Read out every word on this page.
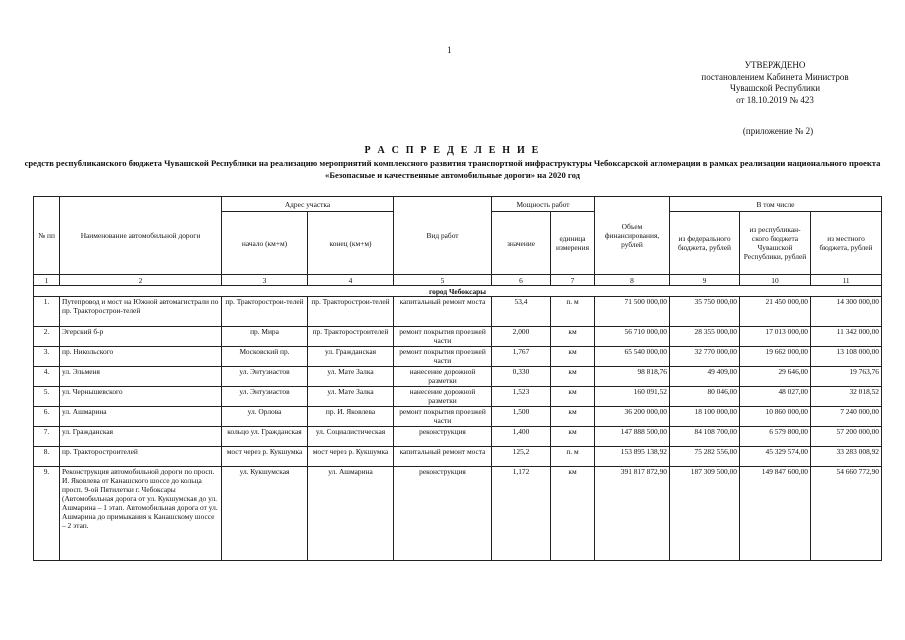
1
УТВЕРЖДЕНО
постановлением Кабинета Министров
Чувашской Республики
от 18.10.2019 № 423
(приложение № 2)
Р А С П Р Е Д Е Л Е Н И Е
средств республиканского бюджета Чувашской Республики на реализацию мероприятий комплексного развития транспортной инфраструктуры Чебоксарской агломерации в рамках реализации национального проекта «Безопасные и качественные автомобильные дороги» на 2020 год
№ пп	Наименование автомобильной дороги	Адрес участка		Вид работ	Мощность работ		Объем финансирования, рублей	В том числе		
		начало (км+м)	конец (км+м)		значение	единица измерения		из федерального бюджета, рублей	из республикан-ского бюджета Чувашской Республики, рублей	из местного бюджета, рублей
1	2	3	4	5	6	7	8	9	10	11
город Чебоксары										
1.	Путепровод и мост на Южной автомагистрали по пр. Тракторострои-телей	пр. Тракторострои-телей	пр. Тракторострои-телей	капитальный ремонт моста	53,4	п. м	71 500 000,00	35 750 000,00	21 450 000,00	14 300 000,00
2.	Эгерский б-р	пр. Мира	пр. Тракторостроителей	ремонт покрытия проезжей части	2,000	км	56 710 000,00	28 355 000,00	17 013 000,00	11 342 000,00
3.	пр. Никольского	Московский пр.	ул. Гражданская	ремонт покрытия проезжей части	1,767	км	65 540 000,00	32 770 000,00	19 662 000,00	13 108 000,00
4.	ул. Эльменя	ул. Энтузиастов	ул. Мате Залка	нанесение дорожной разметки	0,330	км	98 818,76	49 409,00	29 646,00	19 763,76
5.	ул. Чернышевского	ул. Энтузиастов	ул. Мате Залка	нанесение дорожной разметки	1,523	км	160 091,52	80 046,00	48 027,00	32 018,52
6.	ул. Ашмарина	ул. Орлова	пр. И. Яковлева	ремонт покрытия проезжей части	1,500	км	36 200 000,00	18 100 000,00	10 860 000,00	7 240 000,00
7.	ул. Гражданская	кольцо ул. Гражданская	ул. Социалистическая	реконструкция	1,400	км	147 888 500,00	84 108 700,00	6 579 800,00	57 200 000,00
8.	пр. Тракторостроителей	мост через р. Кукшумка	мост через р. Кукшумка	капитальный ремонт моста	125,2	п. м	153 895 138,92	75 282 556,00	45 329 574,00	33 283 008,92
9.	Реконструкция автомобильной дороги по просп. И. Яковлева от Канашского шоссе до кольца просп. 9-ой Пятилетки г. Чебоксары (Автомобильная дорога от ул. Кукшумская до ул. Ашмарина – 1 этап. Автомобильная дорога от ул. Ашмарина до примыкания к Канашскому шоссе – 2 этап.	ул. Кукшумская	ул. Ашмарина	реконструкция	1,172	км	391 817 872,90	187 309 500,00	149 847 600,00	54 660 772,90
